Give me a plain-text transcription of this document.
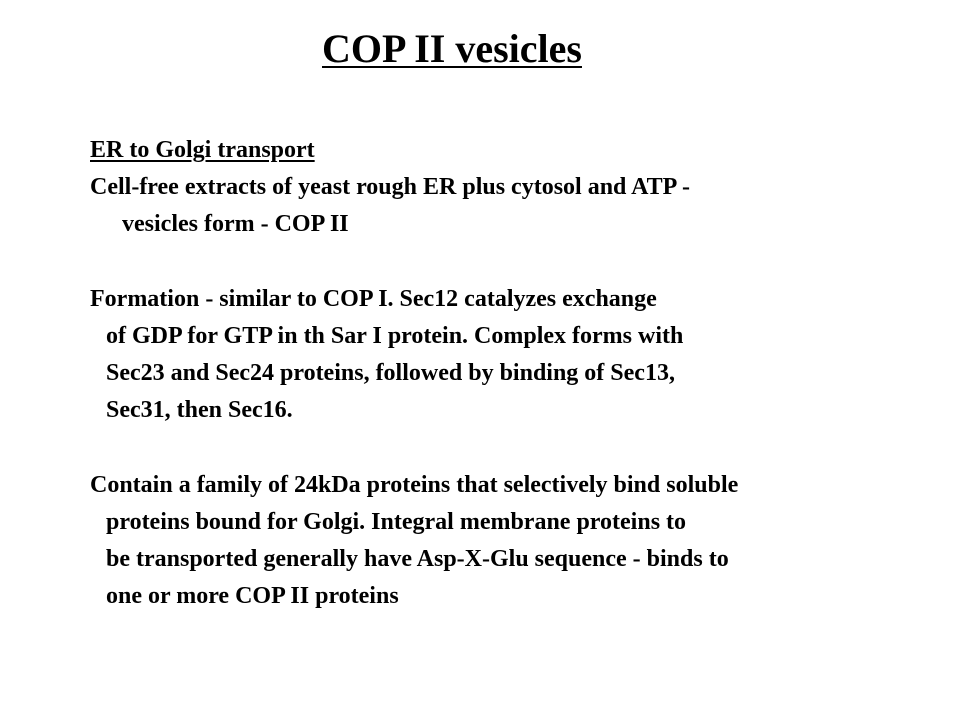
COP II vesicles
ER to Golgi transport
Cell-free extracts of yeast rough ER plus cytosol and ATP -
vesicles form - COP II
Formation - similar to COP I. Sec12 catalyzes exchange
of GDP for GTP in th Sar I protein. Complex forms with
Sec23 and Sec24 proteins, followed by binding of Sec13,
Sec31, then Sec16.
Contain a family of 24kDa proteins that selectively bind soluble
proteins bound for Golgi. Integral membrane proteins to
be transported generally have Asp-X-Glu sequence - binds to
one or more COP II proteins
